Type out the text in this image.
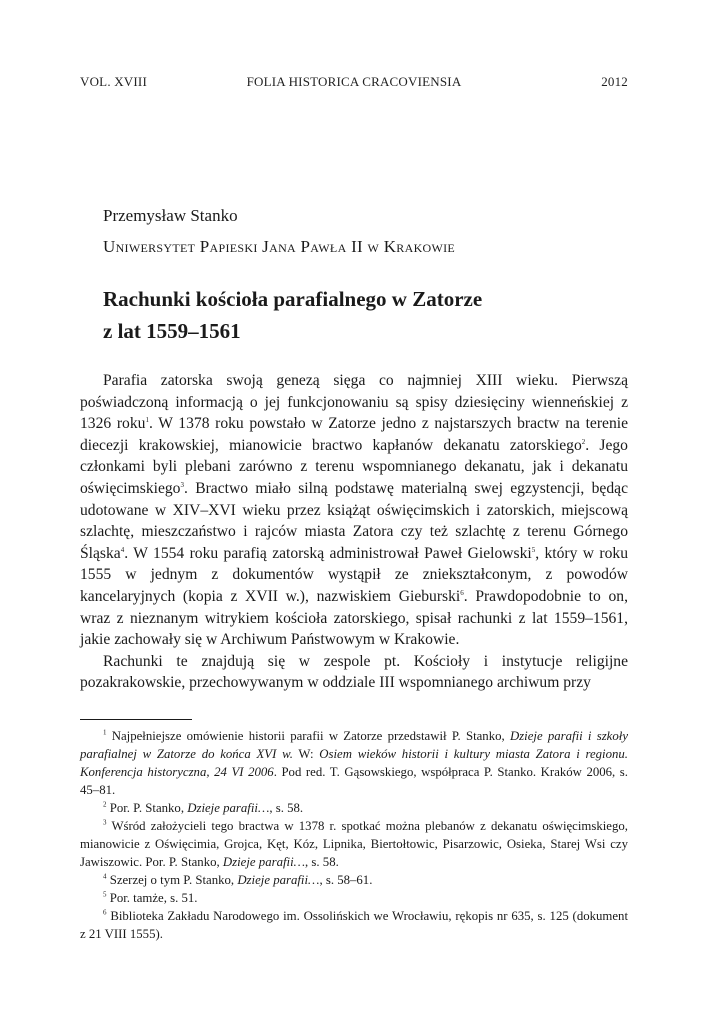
VOL. XVIII	FOLIA HISTORICA CRACOVIENSIA	2012
Przemysław Stanko
Uniwersytet Papieski Jana Pawła II w Krakowie
Rachunki kościoła parafialnego w Zatorze
z lat 1559–1561

Parafia zatorska swoją genezą sięga co najmniej XIII wieku. Pierwszą poświadczoną informacją o jej funkcjonowaniu są spisy dziesięciny wiennеńskiej z 1326 roku$^1$. W 1378 roku powstało w Zatorze jedno z najstarszych bractw na terenie diecezji krakowskiej, mianowicie bractwo kapłanów dekanatu zatorskiego$^2$. Jego członkami byli plebani zarówno z terenu wspomnianego dekanatu, jak i dekanatu oświęcimskiego$^3$. Bractwo miało silną podstawę materialną swej egzystencji, będąc udotowane w XIV–XVI wieku przez książąt oświęcimskich i zatorskich, miejscową szlachtę, mieszczaństwo i rajców miasta Zatora czy też szlachtę z terenu Górnego Śląska$^4$. W 1554 roku parafią zatorską administrował Paweł Gielowski$^5$, który w roku 1555 w jednym z dokumentów wystąpił ze zniekształconym, z powodów kancelaryjnych (kopia z XVII w.), nazwiskiem Gieburski$^6$. Prawdopodobnie to on, wraz z nieznanym witrykiem kościoła zatorskiego, spisał rachunki z lat 1559–1561, jakie zachowały się w Archiwum Państwowym w Krakowie.

Rachunki te znajdują się w zespole pt. Kościoły i instytucje religijne pozakrakowskie, przechowywanym w oddziale III wspomnianego archiwum przy

$^1$ Najpełniejsze omówienie historii parafii w Zatorze przedstawił P. Stanko, Dzieje parafii i szkoły parafialnej w Zatorze do końca XVI w. W: Osiem wieków historii i kultury miasta Zatora i regionu. Konferencja historyczna, 24 VI 2006. Pod red. T. Gąsowskiego, współpraca P. Stanko. Kraków 2006, s. 45–81.

$^2$ Por. P. Stanko, Dzieje parafii…, s. 58.

$^3$ Wśród założycieli tego bractwa w 1378 r. spotkać można plebanów z dekanatu oświęcimskiego, mianowicie z Oświęcimia, Grojca, Kęt, Kóz, Lipnika, Biertołtowic, Pisarzowic, Osieka, Starej Wsi czy Jawiszowic. Por. P. Stanko, Dzieje parafii…, s. 58.

$^4$ Szerzej o tym P. Stanko, Dzieje parafii…, s. 58–61.

$^5$ Por. tamże, s. 51.

$^6$ Biblioteka Zakładu Narodowego im. Ossolińskich we Wrocławiu, rękopis nr 635, s. 125 (dokument z 21 VIII 1555).
